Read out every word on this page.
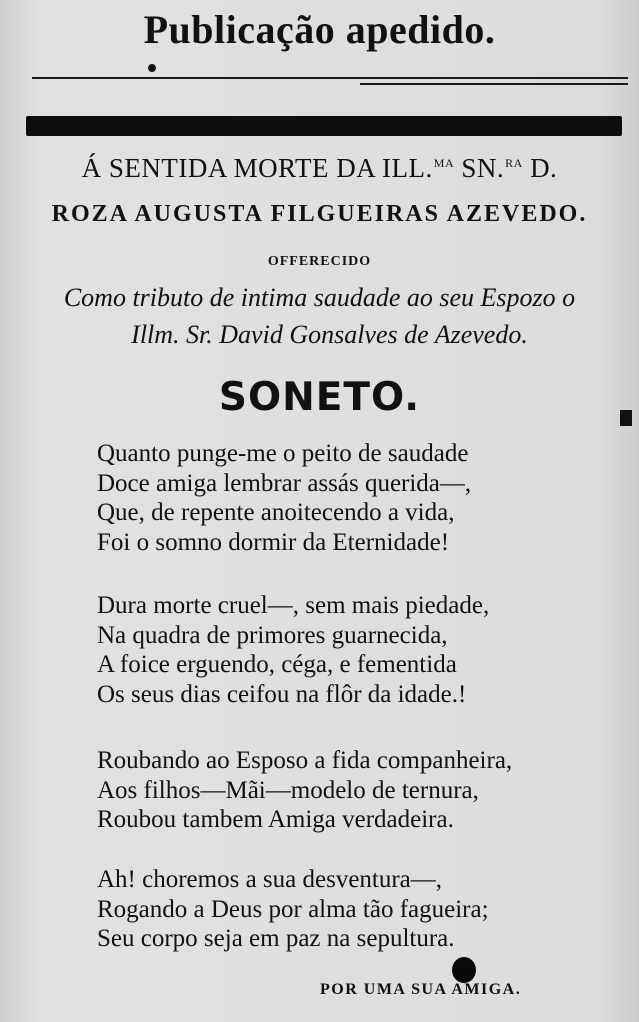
Publicação apedido.
Á SENTIDA MORTE DA ILL.$^{MA}$ SN.$^{RA}$ D.
ROZA AUGUSTA FILGUEIRAS AZEVEDO.
OFFERECIDO
Como tributo de intima saudade ao seu Espozo o
Illm. Sr. David Gonsalves de Azevedo.
SONETO.
Quanto punge-me o peito de saudade
Doce amiga lembrar assás querida—,
Que, de repente anoitecendo a vida,
Foi o somno dormir da Eternidade!
Dura morte cruel—, sem mais piedade,
Na quadra de primores guarnecida,
A foice erguendo, céga, e fementida
Os seus dias ceifou na flôr da idade.!
Roubando ao Esposo a fida companheira,
Aos filhos—Mãi—modelo de ternura,
Roubou tambem Amiga verdadeira.
Ah! choremos a sua desventura—,
Rogando a Deus por alma tão fagueira;
Seu corpo seja em paz na sepultura.
POR UMA SUA AMIGA.
